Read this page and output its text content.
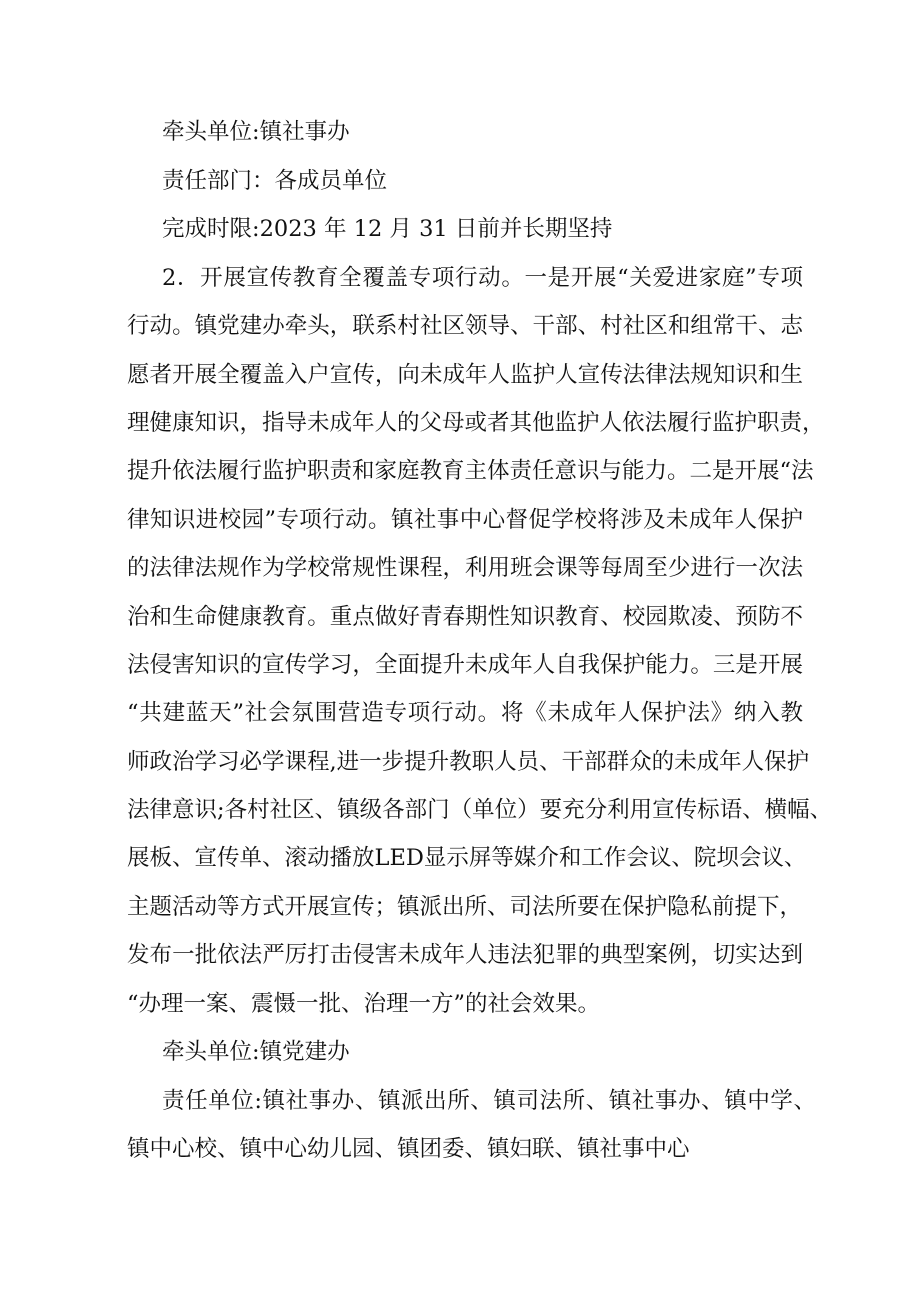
牵头单位:镇社事办
责任部门：各成员单位
完成时限:2023 年 12 月 31 日前并长期坚持
2．开展宣传教育全覆盖专项行动。一是开展“关爱进家庭”专项
行动。镇党建办牵头，联系村社区领导、干部、村社区和组常干、志
愿者开展全覆盖入户宣传，向未成年人监护人宣传法律法规知识和生
理健康知识，指导未成年人的父母或者其他监护人依法履行监护职责，
提升依法履行监护职责和家庭教育主体责任意识与能力。二是开展“法
律知识进校园”专项行动。镇社事中心督促学校将涉及未成年人保护
的法律法规作为学校常规性课程，利用班会课等每周至少进行一次法
治和生命健康教育。重点做好青春期性知识教育、校园欺凌、预防不
法侵害知识的宣传学习，全面提升未成年人自我保护能力。三是开展
“共建蓝天”社会氛围营造专项行动。将《未成年人保护法》纳入教
师政治学习必学课程,进一步提升教职人员、干部群众的未成年人保护
法律意识;各村社区、镇级各部门（单位）要充分利用宣传标语、横幅、
展板、宣传单、滚动播放LED显示屏等媒介和工作会议、院坝会议、
主题活动等方式开展宣传；镇派出所、司法所要在保护隐私前提下，
发布一批依法严厉打击侵害未成年人违法犯罪的典型案例，切实达到
“办理一案、震慑一批、治理一方”的社会效果。
牵头单位:镇党建办
责任单位:镇社事办、镇派出所、镇司法所、镇社事办、镇中学、
镇中心校、镇中心幼儿园、镇团委、镇妇联、镇社事中心
